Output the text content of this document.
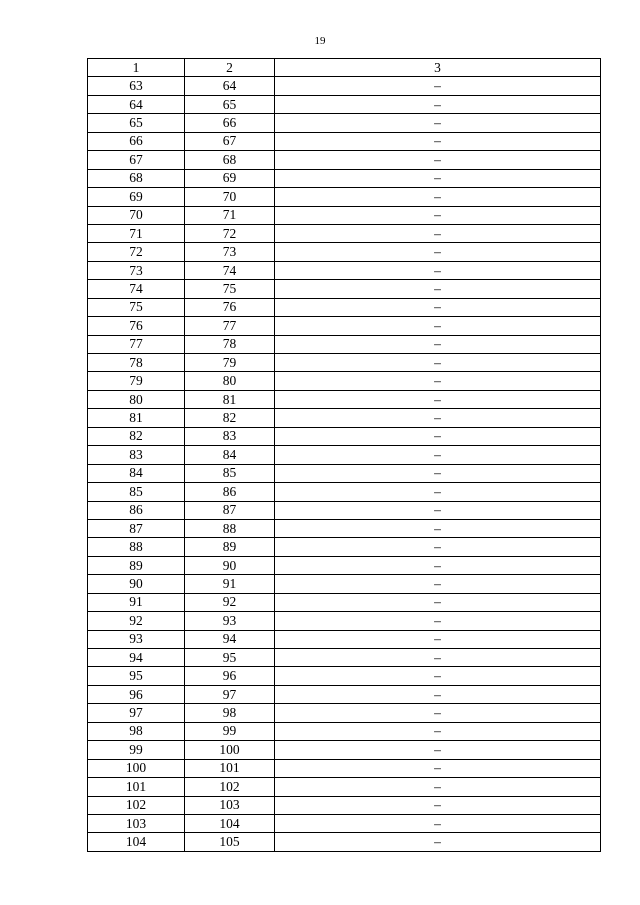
19
1	2	3
63	64	–
64	65	–
65	66	–
66	67	–
67	68	–
68	69	–
69	70	–
70	71	–
71	72	–
72	73	–
73	74	–
74	75	–
75	76	–
76	77	–
77	78	–
78	79	–
79	80	–
80	81	–
81	82	–
82	83	–
83	84	–
84	85	–
85	86	–
86	87	–
87	88	–
88	89	–
89	90	–
90	91	–
91	92	–
92	93	–
93	94	–
94	95	–
95	96	–
96	97	–
97	98	–
98	99	–
99	100	–
100	101	–
101	102	–
102	103	–
103	104	–
104	105	–
